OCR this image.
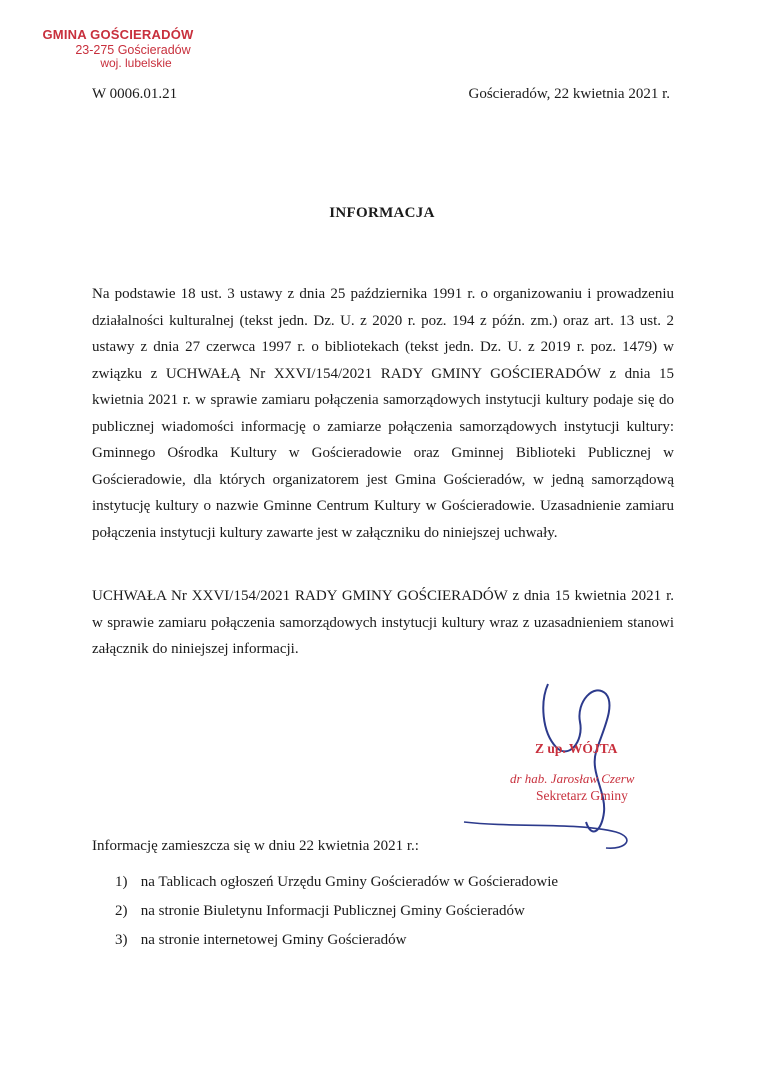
GMINA GOŚCIERADÓW
23-275 Gościeradów
woj. lubelskie
W 0006.01.21	Gościeradów, 22 kwietnia 2021 r.
INFORMACJA
Na podstawie 18 ust. 3 ustawy z dnia 25 października 1991 r. o organizowaniu i prowadzeniu działalności kulturalnej (tekst jedn. Dz. U. z 2020 r. poz. 194 z późn. zm.) oraz art. 13 ust. 2 ustawy z dnia 27 czerwca 1997 r. o bibliotekach (tekst jedn. Dz. U. z 2019 r. poz. 1479) w związku z UCHWAŁĄ Nr XXVI/154/2021 RADY GMINY GOŚCIERADÓW z dnia 15 kwietnia 2021 r. w sprawie zamiaru połączenia samorządowych instytucji kultury podaje się do publicznej wiadomości informację o zamiarze połączenia samorządowych instytucji kultury: Gminnego Ośrodka Kultury w Gościeradowie oraz Gminnej Biblioteki Publicznej w Gościeradowie, dla których organizatorem jest Gmina Gościeradów, w jedną samorządową instytucję kultury o nazwie Gminne Centrum Kultury w Gościeradowie. Uzasadnienie zamiaru połączenia instytucji kultury zawarte jest w załączniku do niniejszej uchwały.
UCHWAŁA Nr XXVI/154/2021 RADY GMINY GOŚCIERADÓW z dnia 15 kwietnia 2021 r. w sprawie zamiaru połączenia samorządowych instytucji kultury wraz z uzasadnieniem stanowi załącznik do niniejszej informacji.
Z up. WÓJTA
dr hab. Jarosław Czerw
Sekretarz Gminy
Informację zamieszcza się w dniu 22 kwietnia 2021 r.:
1) na Tablicach ogłoszeń Urzędu Gminy Gościeradów w Gościeradowie
2) na stronie Biuletynu Informacji Publicznej Gminy Gościeradów
3) na stronie internetowej Gminy Gościeradów
